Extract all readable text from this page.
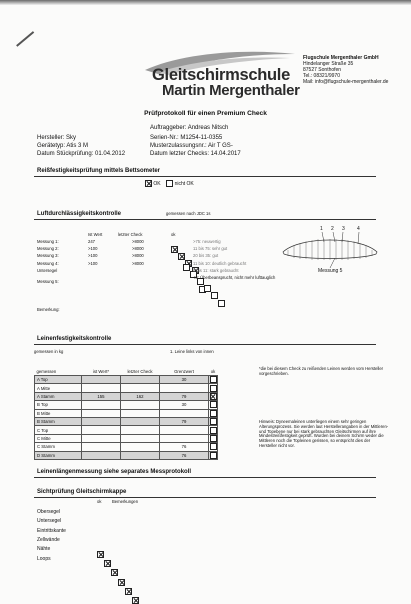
Gleitschirmschule
Martin Mergenthaler
Flugschule Mergenthaler GmbH
Hindelanger Straße 35
87527 Sonthofen
Tel.: 08321/9970
Mail: info@flugschule-mergenthaler.de
Prüfprotokoll für einen Premium Check
Auftraggeber: Andreas Nitsch
Hersteller: Sky	Serien-Nr.: M1254-11-0355
Gerätetyp: Atis 3 M	Musterzulassungsnr.: Air T GS-
Datum Stückprüfung: 01.04.2012	Datum letzter Checks: 14.04.2017
Reißfestigkeitsprüfung mittels Bettsometer
OK	nicht OK
Luftdurchlässigkeitskontrolle	gemessen nach JDC 1s
Ist Wert	letzter Check	ok
Messung 1:	247	>8000
Messung 2:	>100	>8000
Messung 3:	>100	>8000
Messung 4:	>100	>8000
Untersegel
Messung 5:
>75: neuwertig
11 bis 75: sehr gut
20 bis 35: gut
11 bis 10: deutlich gebraucht
6 bis 11: stark gebraucht
<6: Überbeansprucht, nicht mehr lufttauglich
1 2 3 4
Messung 5
Bemerkung:
Leinenfestigkeitskontrolle
gemessen in kg	1. Leine links von innen
gemessen	ist Wert*	letzter Check	Grenzwert	ok
A Top			30	
A Mitte				
A Stamm	155	162	79	
B Top			30	
B Mitte				
B Stamm			79	
C Top				
C Mitte				
C Stamm			76	
D Stamm			76	
*die bei diesem Check zu reißenden Leinen werden vom Hersteller vorgeschrieben.
Hinweis: Dyneemaleinen unterliegen einem sehr geringen Alterungsprozess. Sie werden laut Herstellerangaben in der Mittleren- und Topebene nur bei stark gebrauchten Gleitschirmen auf ihre Mindestreißfestigkeit geprüft. Wurden bei deinem Schirm weder die Mittleren noch die Topleinen gerissen, so entspricht dies der Hersteller nicht vor.
Leinenlängenmessung siehe separates Messprotokoll
Sichtprüfung Gleitschirmkappe
ok	Bemerkungen
Obersegel
Untersegel
Eintrittskante
Zellwände
Nähte
Loops
